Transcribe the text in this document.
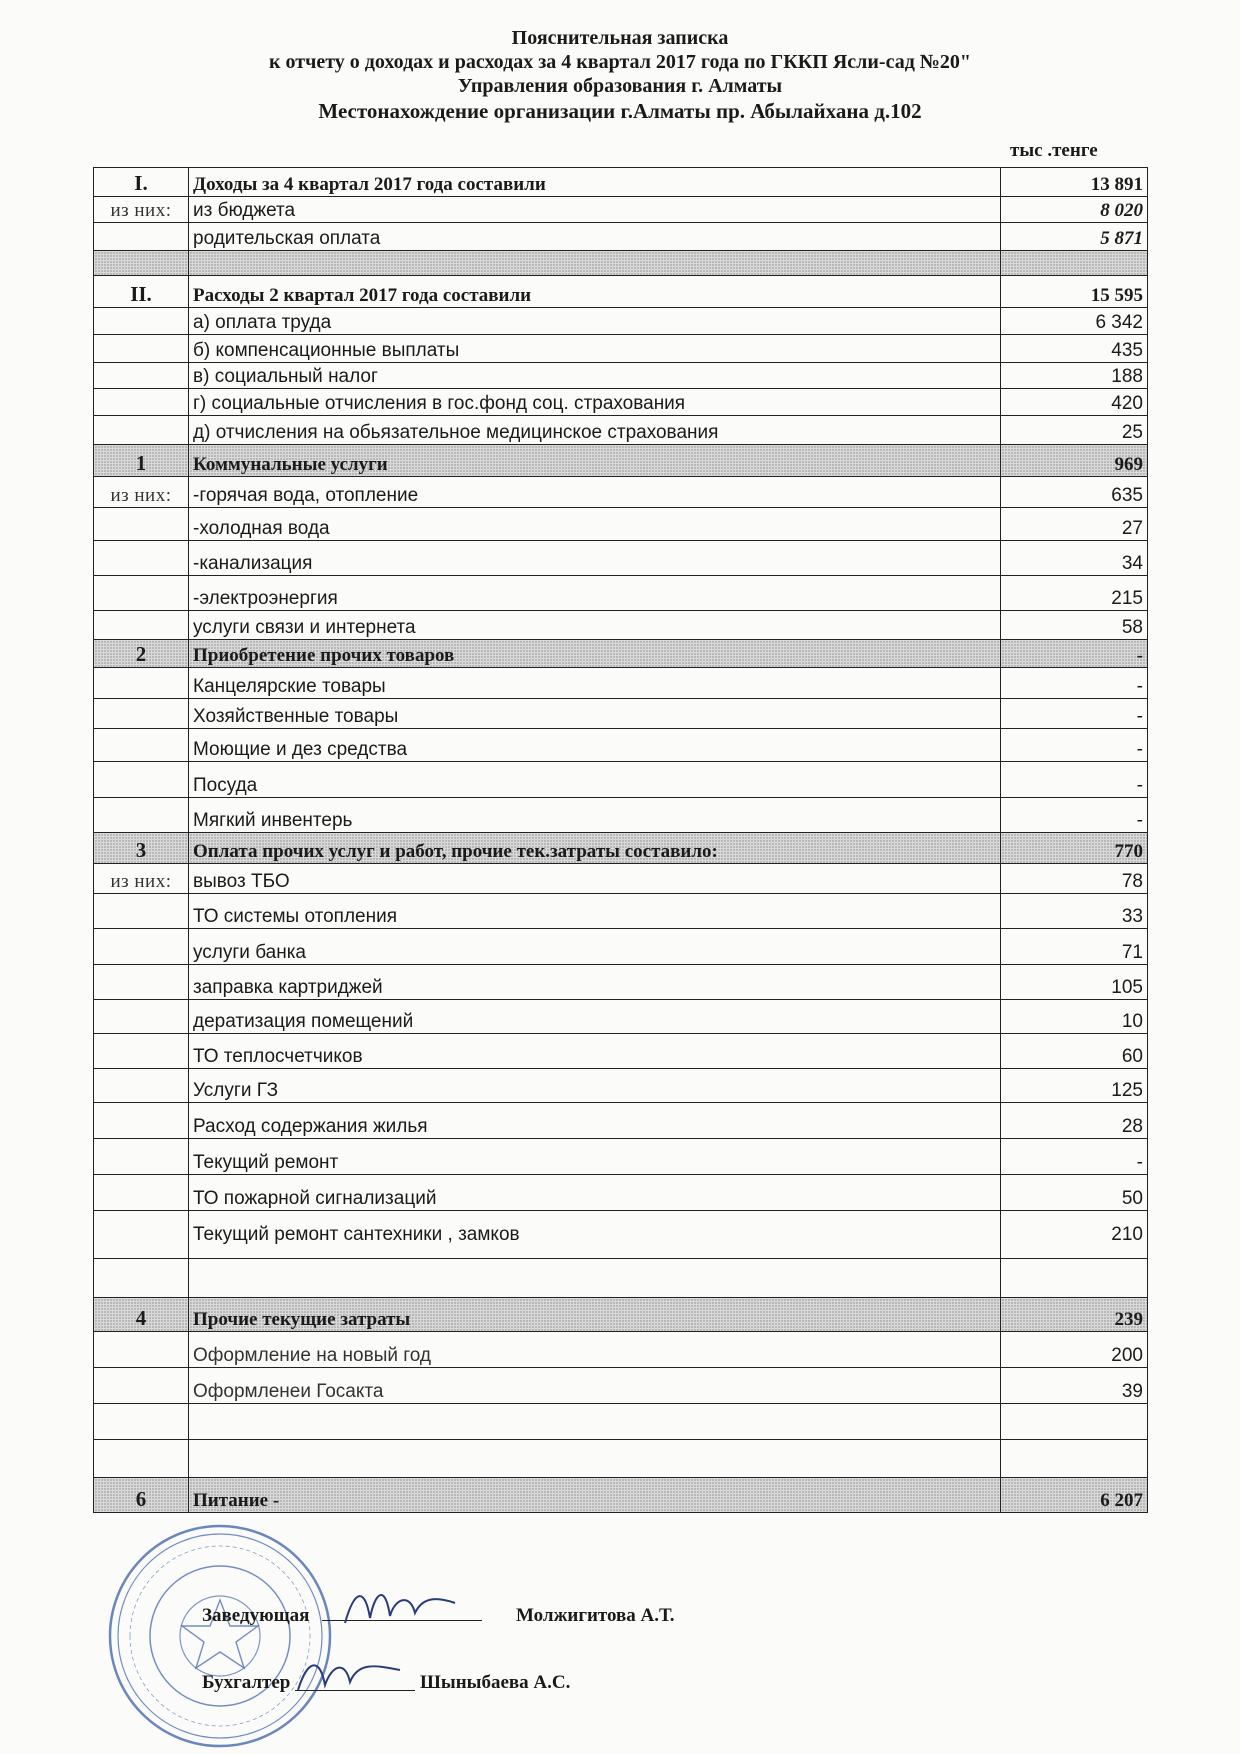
Пояснительная записка
к отчету о доходах и расходах за 4 квартал 2017 года по ГККП Ясли-сад №20"
Управления образования г. Алматы
Местонахождение организации г.Алматы пр. Абылайхана д.102
тыс .тенге
I.	Доходы за 4 квартал 2017 года составили	13 891
из них:	из бюджета	8 020
	родительская оплата	5 871

II.	Расходы 2 квартал 2017 года составили	15 595
	а) оплата труда	6 342
	б) компенсационные выплаты	435
	в) социальный налог	188
	г) социальные отчисления в гос.фонд соц. страхования	420
	д) отчисления на обьязательное медицинское страхования	25
1	Коммунальные услуги	969
из них:	-горячая вода, отопление	635
	-холодная вода	27
	-канализация	34
	-электроэнергия	215
	услуги связи и интернета	58
2	Приобретение прочих товаров	-
	Канцелярские товары	-
	Хозяйственные товары	-
	Моющие и дез средства	-
	Посуда	-
	Мягкий инвентерь	-
3	Оплата прочих услуг и работ, прочие тек.затраты составило:	770
из них:	вывоз ТБО	78
	ТО системы отопления	33
	услуги банка	71
	заправка картриджей	105
	дератизация помещений	10
	ТО теплосчетчиков	60
	Услуги ГЗ	125
	Расход содержания жилья	28
	Текущий ремонт	-
	ТО пожарной сигнализаций	50
	Текущий ремонт сантехники , замков	210

4	Прочие текущие затраты	239
	Оформление на новый год	200
	Оформленеи Госакта	39

6	Питание -	6 207
Заведующая	Молжигитова А.Т.
Бухгалтер	Шыныбаева А.С.
